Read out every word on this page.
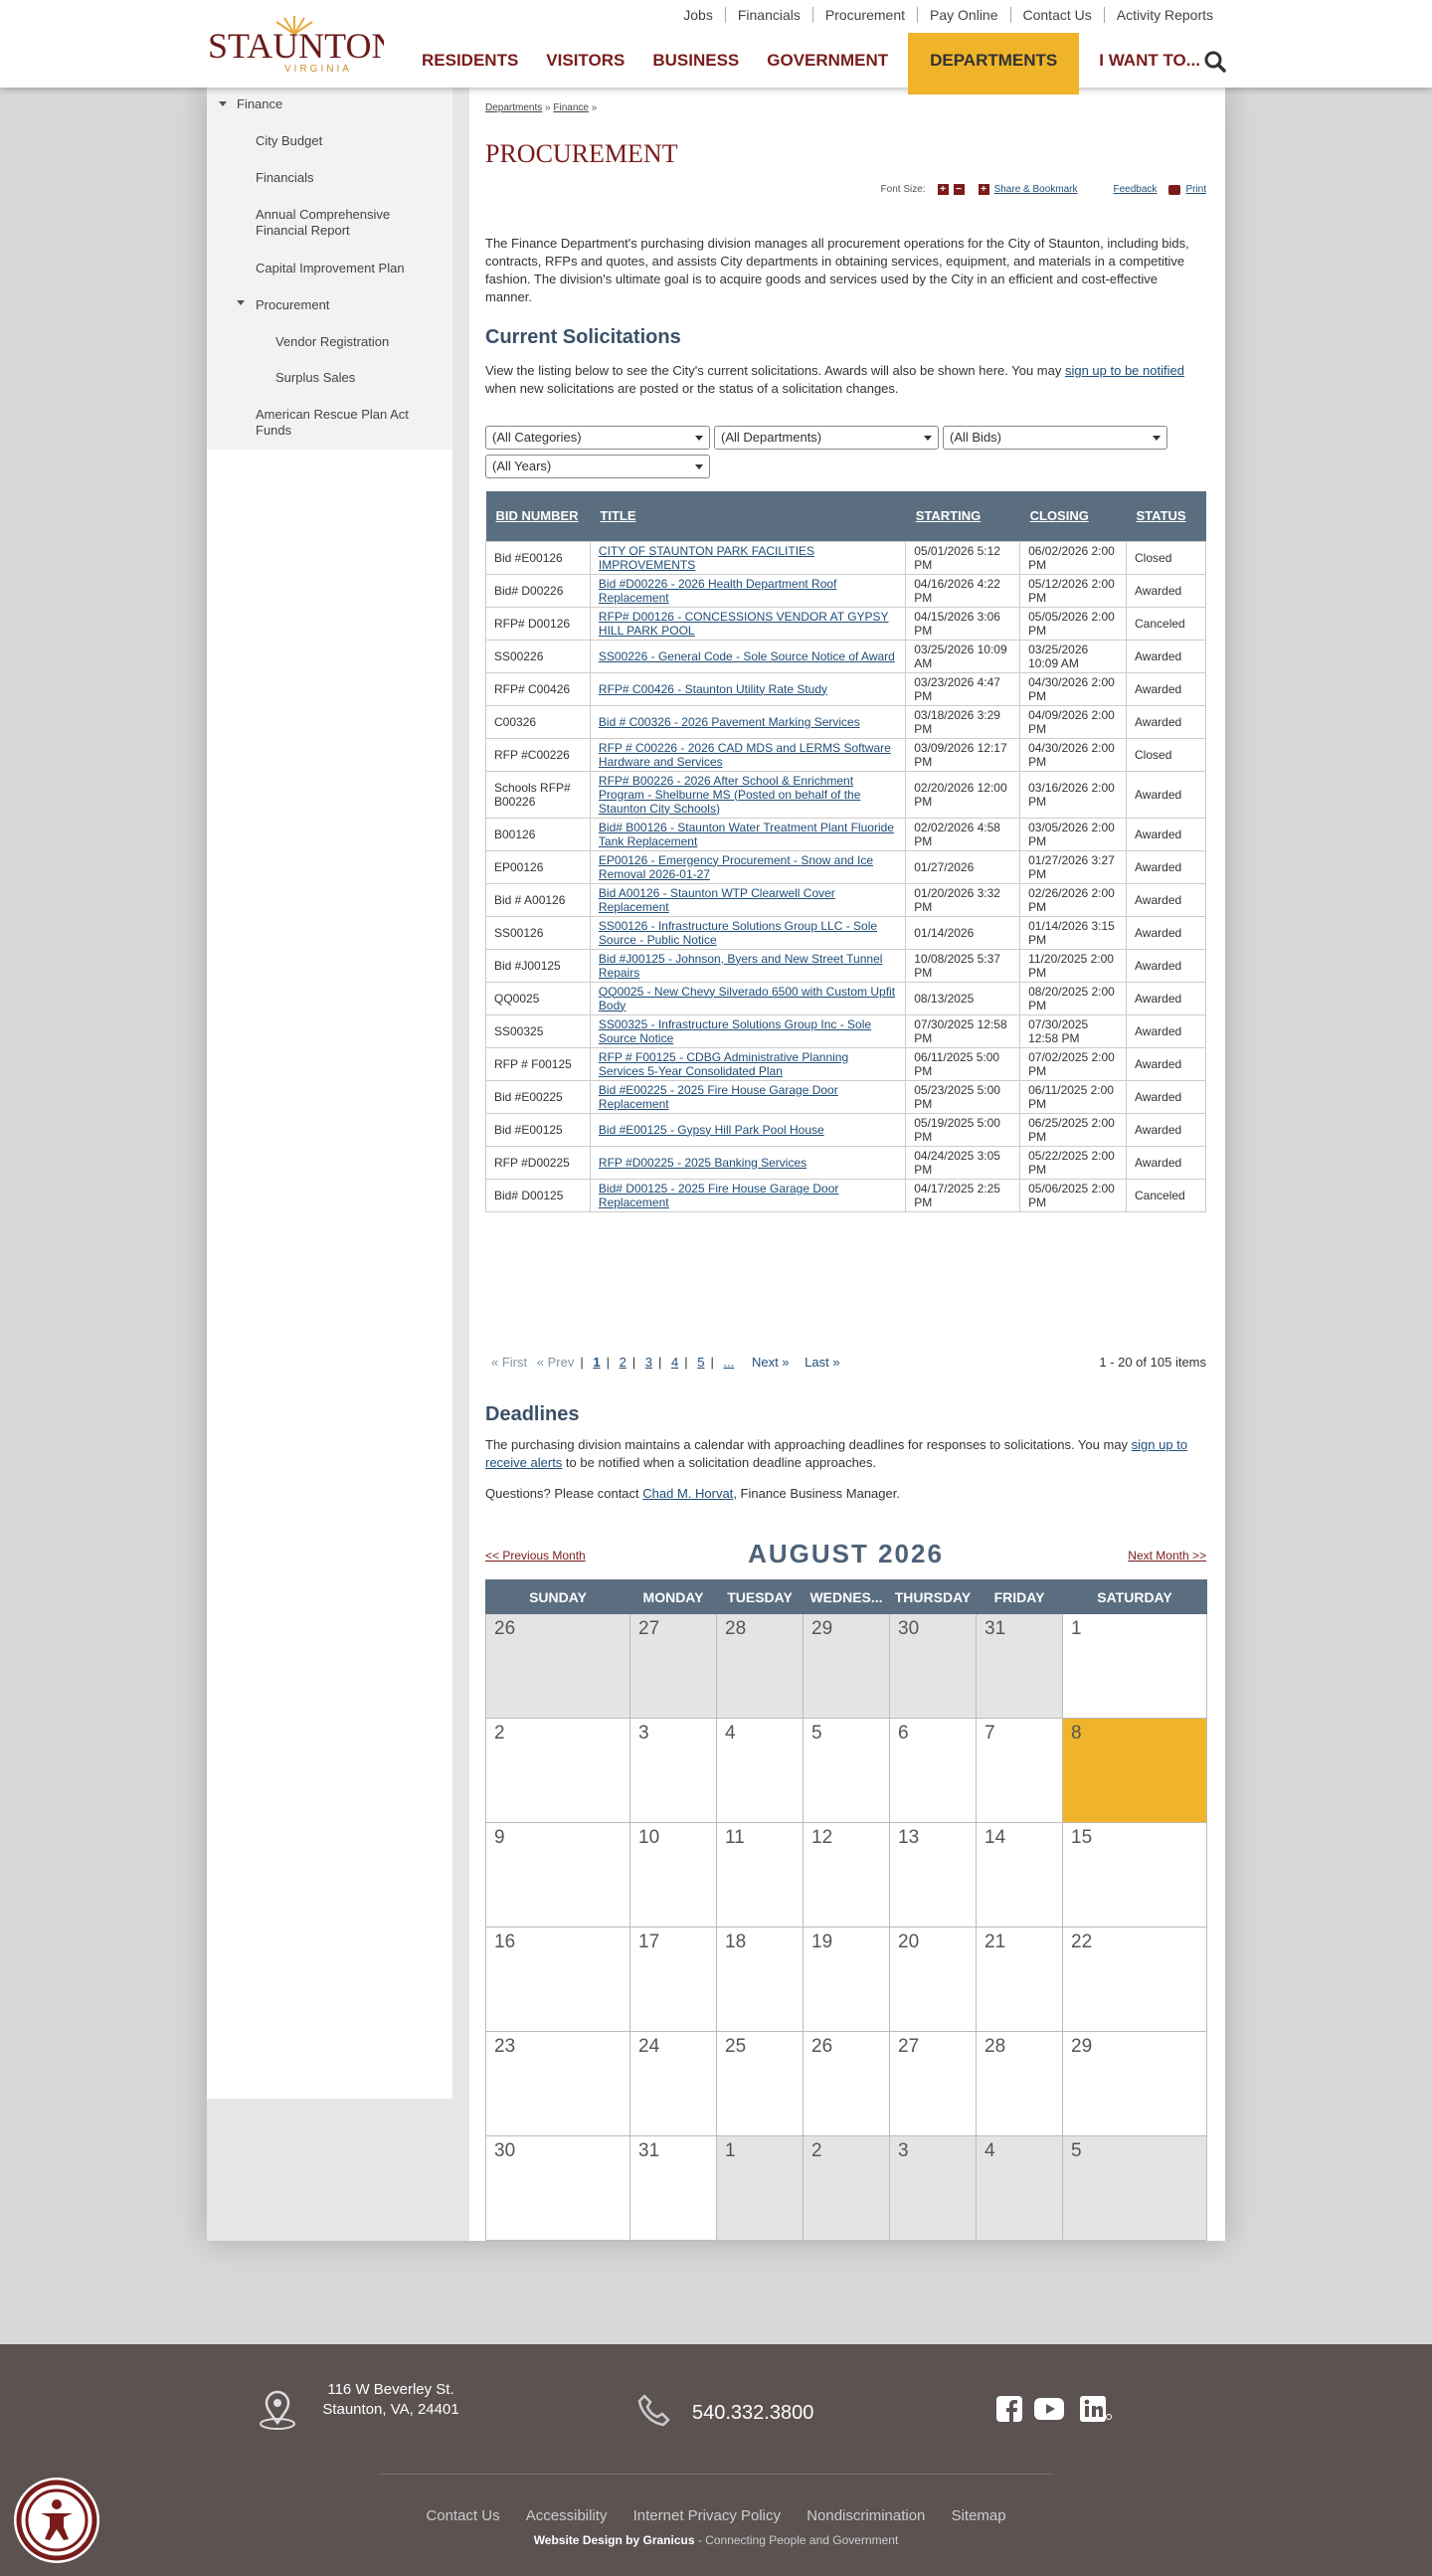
STAUNTON
VIRGINIA
Jobs	Financials	Procurement	Pay Online	Contact Us	Activity Reports
RESIDENTS	VISITORS	BUSINESS	GOVERNMENT	DEPARTMENTS	I WANT TO...
Finance
City Budget
Financials
Annual Comprehensive Financial Report
Capital Improvement Plan
Procurement
Vendor Registration
Surplus Sales
American Rescue Plan Act Funds
Departments » Finance »
PROCUREMENT
Font Size: + − + Share & Bookmark	Feedback	Print

The Finance Department's purchasing division manages all procurement operations for the City of Staunton, including bids, contracts, RFPs and quotes, and assists City departments in obtaining services, equipment, and materials in a competitive fashion. The division's ultimate goal is to acquire goods and services used by the City in an efficient and cost-effective manner.

Current Solicitations

View the listing below to see the City's current solicitations. Awards will also be shown here. You may sign up to be notified when new solicitations are posted or the status of a solicitation changes.

(All Categories)	(All Departments)	(All Bids)
(All Years)
BID NUMBER	TITLE	STARTING	CLOSING	STATUS
Bid #E00126	CITY OF STAUNTON PARK FACILITIES IMPROVEMENTS	05/01/2026 5:12 PM	06/02/2026 2:00 PM	Closed
Bid# D00226	Bid #D00226 - 2026 Health Department Roof Replacement	04/16/2026 4:22 PM	05/12/2026 2:00 PM	Awarded
RFP# D00126	RFP# D00126 - CONCESSIONS VENDOR AT GYPSY HILL PARK POOL	04/15/2026 3:06 PM	05/05/2026 2:00 PM	Canceled
SS00226	SS00226 - General Code - Sole Source Notice of Award	03/25/2026 10:09 AM	03/25/2026 10:09 AM	Awarded
RFP# C00426	RFP# C00426 - Staunton Utility Rate Study	03/23/2026 4:47 PM	04/30/2026 2:00 PM	Awarded
C00326	Bid # C00326 - 2026 Pavement Marking Services	03/18/2026 3:29 PM	04/09/2026 2:00 PM	Awarded
RFP #C00226	RFP # C00226 - 2026 CAD MDS and LERMS Software Hardware and Services	03/09/2026 12:17 PM	04/30/2026 2:00 PM	Closed
Schools RFP# B00226	RFP# B00226 - 2026 After School & Enrichment Program - Shelburne MS (Posted on behalf of the Staunton City Schools)	02/20/2026 12:00 PM	03/16/2026 2:00 PM	Awarded
B00126	Bid# B00126 - Staunton Water Treatment Plant Fluoride Tank Replacement	02/02/2026 4:58 PM	03/05/2026 2:00 PM	Awarded
EP00126	EP00126 - Emergency Procurement - Snow and Ice Removal 2026-01-27	01/27/2026	01/27/2026 3:27 PM	Awarded
Bid # A00126	Bid A00126 - Staunton WTP Clearwell Cover Replacement	01/20/2026 3:32 PM	02/26/2026 2:00 PM	Awarded
SS00126	SS00126 - Infrastructure Solutions Group LLC - Sole Source - Public Notice	01/14/2026	01/14/2026 3:15 PM	Awarded
Bid #J00125	Bid #J00125 - Johnson, Byers and New Street Tunnel Repairs	10/08/2025 5:37 PM	11/20/2025 2:00 PM	Awarded
QQ0025	QQ0025 - New Chevy Silverado 6500 with Custom Upfit Body	08/13/2025	08/20/2025 2:00 PM	Awarded
SS00325	SS00325 - Infrastructure Solutions Group Inc - Sole Source Notice	07/30/2025 12:58 PM	07/30/2025 12:58 PM	Awarded
RFP # F00125	RFP # F00125 - CDBG Administrative Planning Services 5-Year Consolidated Plan	06/11/2025 5:00 PM	07/02/2025 2:00 PM	Awarded
Bid #E00225	Bid #E00225 - 2025 Fire House Garage Door Replacement	05/23/2025 5:00 PM	06/11/2025 2:00 PM	Awarded
Bid #E00125	Bid #E00125 - Gypsy Hill Park Pool House	05/19/2025 5:00 PM	06/25/2025 2:00 PM	Awarded
RFP #D00225	RFP #D00225 - 2025 Banking Services	04/24/2025 3:05 PM	05/22/2025 2:00 PM	Awarded
Bid# D00125	Bid# D00125 - 2025 Fire House Garage Door Replacement	04/17/2025 2:25 PM	05/06/2025 2:00 PM	Canceled
« First « Prev | 1 | 2 | 3 | 4 | 5 | ... Next » Last »	1 - 20 of 105 items
Deadlines

The purchasing division maintains a calendar with approaching deadlines for responses to solicitations. You may sign up to receive alerts to be notified when a solicitation deadline approaches.

Questions? Please contact Chad M. Horvat, Finance Business Manager.

<< Previous Month	AUGUST 2026	Next Month >>
SUNDAY	MONDAY	TUESDAY	WEDNES...	THURSDAY	FRIDAY	SATURDAY
26	27	28	29	30	31	1
2	3	4	5	6	7	8
9	10	11	12	13	14	15
16	17	18	19	20	21	22
23	24	25	26	27	28	29
30	31	1	2	3	4	5
116 W Beverley St.
Staunton, VA, 24401	540.332.3800
Contact Us Accessibility Internet Privacy Policy Nondiscrimination Sitemap
Website Design by Granicus - Connecting People and Government
